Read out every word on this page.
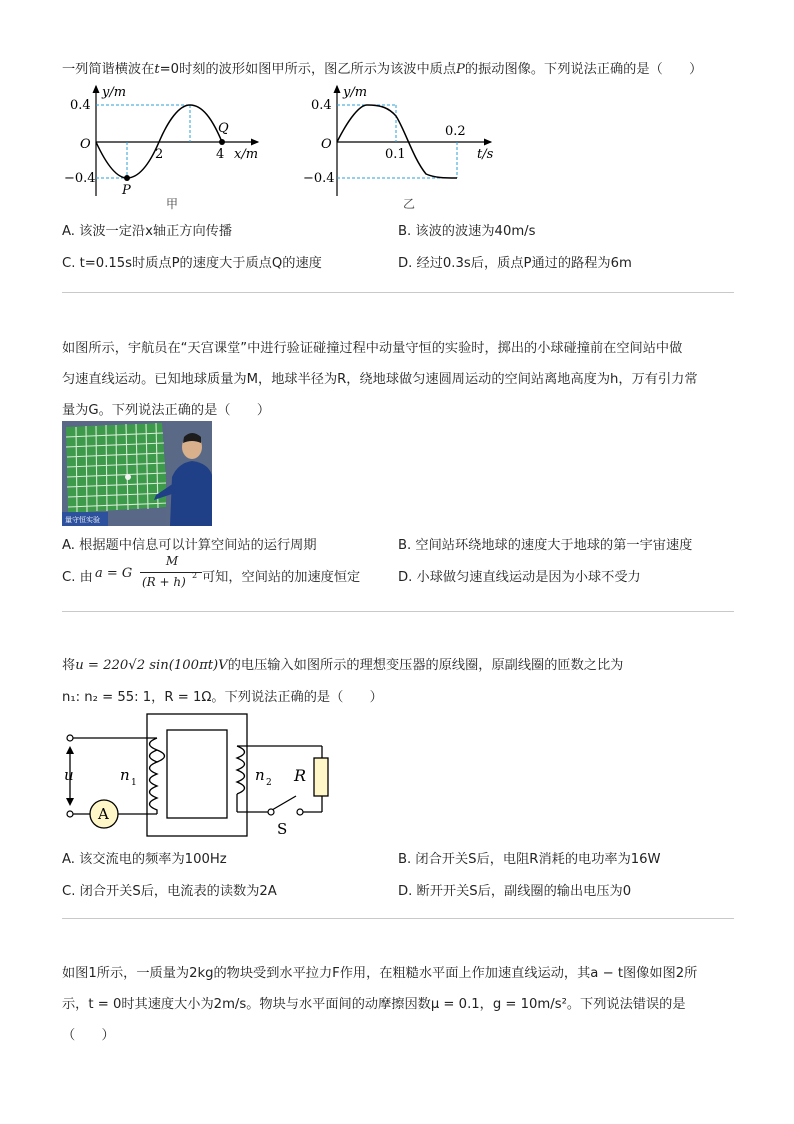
一列简谐横波在t=0时刻的波形如图甲所示，图乙所示为该波中质点P的振动图像。下列说法正确的是（　　）
y/m
0.4
−0.4
O
2	4 x/m
P
Q
甲
y/m
0.4
−0.4
O
0.1
0.2
t/s
乙
A. 该波一定沿x轴正方向传播	B. 该波的波速为40m/s
C. t=0.15s时质点P的速度大于质点Q的速度	D. 经过0.3s后，质点P通过的路程为6m
如图所示，宇航员在“天宫课堂”中进行验证碰撞过程中动量守恒的实验时，掷出的小球碰撞前在空间站中做
匀速直线运动。已知地球质量为M，地球半径为R，绕地球做匀速圆周运动的空间站离地高度为h，万有引力常
量为G。下列说法正确的是（　　）
量守恒实验
A. 根据题中信息可以计算空间站的运行周期	B. 空间站环绕地球的速度大于地球的第一宇宙速度
C. 由 a = G
M
(R + h) 2 可知，空间站的加速度恒定	D. 小球做匀速直线运动是因为小球不受力
将u = 220√2 sin(100πt)V的电压输入如图所示的理想变压器的原线圈，原副线圈的匝数之比为
n₁: n₂ = 55: 1，R = 1Ω。下列说法正确的是（　　）
A
u	n 1	n 2 R
S
A. 该交流电的频率为100Hz	B. 闭合开关S后，电阻R消耗的电功率为16W
C. 闭合开关S后，电流表的读数为2A	D. 断开开关S后，副线圈的输出电压为0
如图1所示，一质量为2kg的物块受到水平拉力F作用，在粗糙水平面上作加速直线运动，其a − t图像如图2所
示，t = 0时其速度大小为2m/s。物块与水平面间的动摩擦因数μ = 0.1，g = 10m/s²。下列说法错误的是
（　　）
